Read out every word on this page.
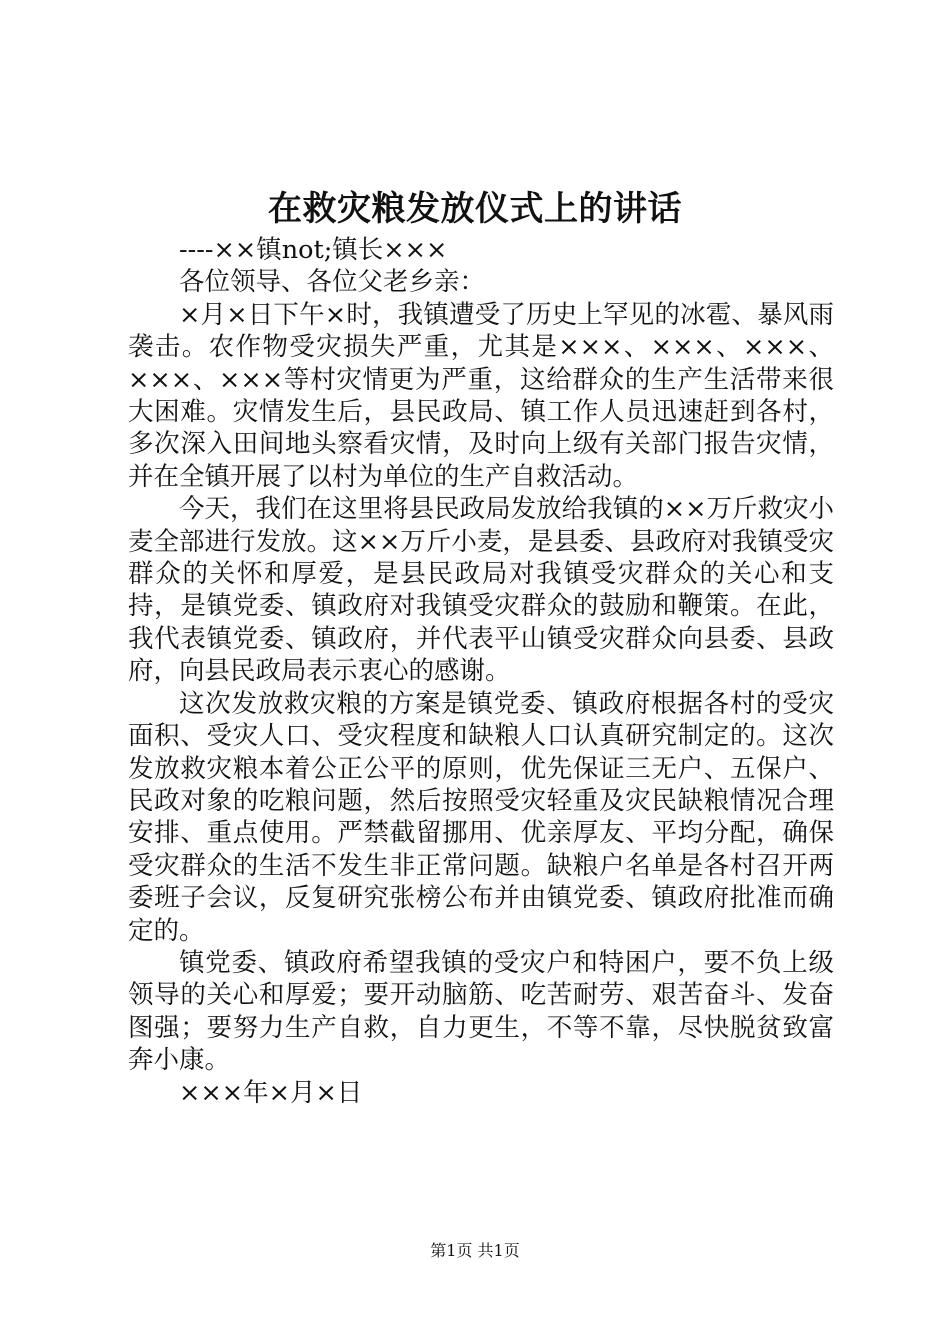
在救灾粮发放仪式上的讲话

----××镇not;镇长×××

各位领导、各位父老乡亲：

×月×日下午×时，我镇遭受了历史上罕见的冰雹、暴风雨袭击。农作物受灾损失严重，尤其是×××、×××、×××、×××、×××等村灾情更为严重，这给群众的生产生活带来很大困难。灾情发生后，县民政局、镇工作人员迅速赶到各村，多次深入田间地头察看灾情，及时向上级有关部门报告灾情，并在全镇开展了以村为单位的生产自救活动。

今天，我们在这里将县民政局发放给我镇的××万斤救灾小麦全部进行发放。这××万斤小麦，是县委、县政府对我镇受灾群众的关怀和厚爱，是县民政局对我镇受灾群众的关心和支持，是镇党委、镇政府对我镇受灾群众的鼓励和鞭策。在此，我代表镇党委、镇政府，并代表平山镇受灾群众向县委、县政府，向县民政局表示衷心的感谢。

这次发放救灾粮的方案是镇党委、镇政府根据各村的受灾面积、受灾人口、受灾程度和缺粮人口认真研究制定的。这次发放救灾粮本着公正公平的原则，优先保证三无户、五保户、民政对象的吃粮问题，然后按照受灾轻重及灾民缺粮情况合理安排、重点使用。严禁截留挪用、优亲厚友、平均分配，确保受灾群众的生活不发生非正常问题。缺粮户名单是各村召开两委班子会议，反复研究张榜公布并由镇党委、镇政府批准而确定的。

镇党委、镇政府希望我镇的受灾户和特困户，要不负上级领导的关心和厚爱；要开动脑筋、吃苦耐劳、艰苦奋斗、发奋图强；要努力生产自救，自力更生，不等不靠，尽快脱贫致富奔小康。

×××年×月×日

第1页 共1页
